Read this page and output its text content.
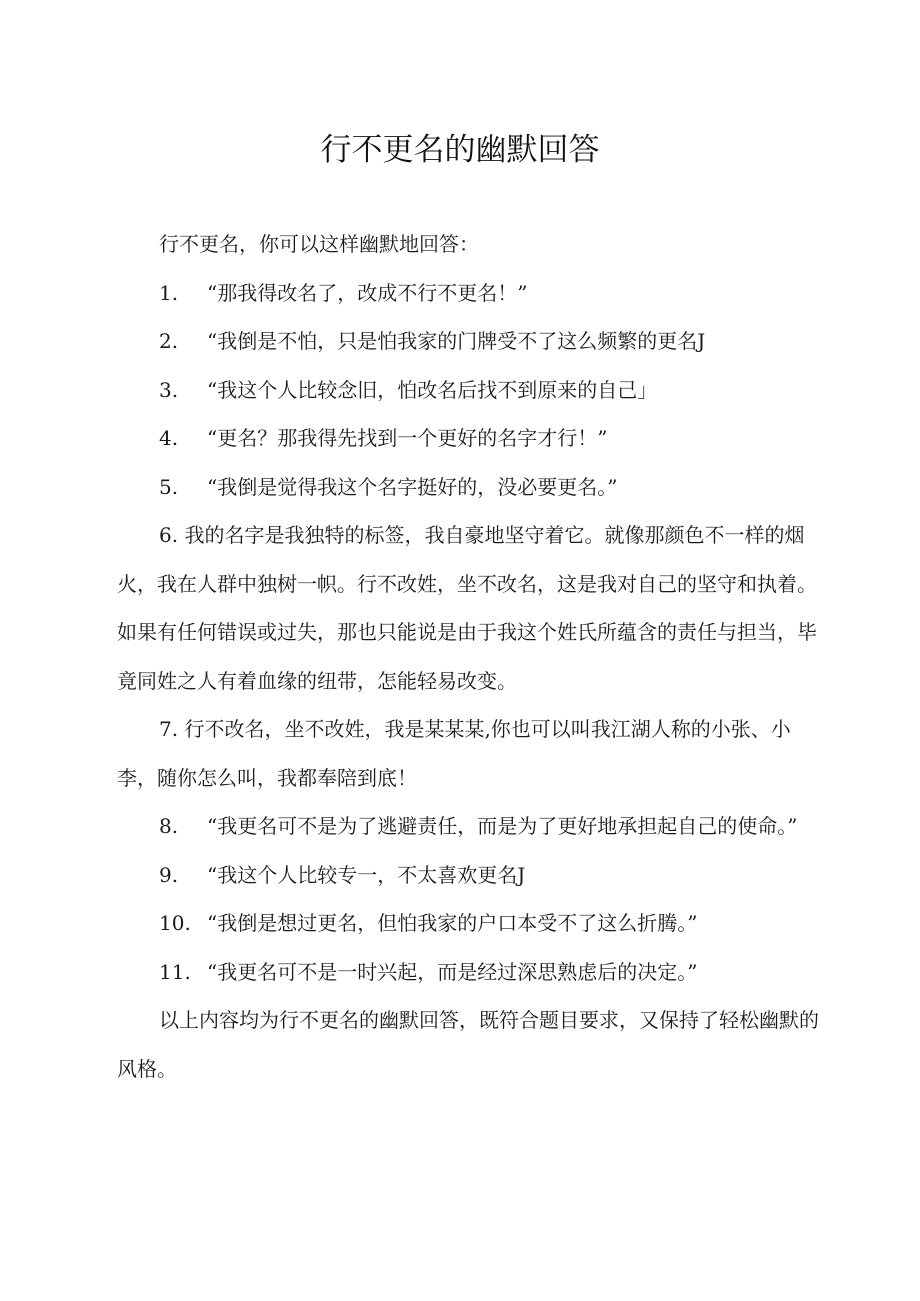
行不更名的幽默回答

行不更名，你可以这样幽默地回答：

1. “那我得改名了，改成不行不更名！”
2. “我倒是不怕，只是怕我家的门牌受不了这么频繁的更名J
3. “我这个人比较念旧，怕改名后找不到原来的自己」
4. “更名？那我得先找到一个更好的名字才行！”
5. “我倒是觉得我这个名字挺好的，没必要更名。”

6. 我的名字是我独特的标签，我自豪地坚守着它。就像那颜色不一样的烟火，我在人群中独树一帜。行不改姓，坐不改名，这是我对自己的坚守和执着。如果有任何错误或过失，那也只能说是由于我这个姓氏所蕴含的责任与担当，毕竟同姓之人有着血缘的纽带，怎能轻易改变。

7. 行不改名，坐不改姓，我是某某某,你也可以叫我江湖人称的小张、小李，随你怎么叫，我都奉陪到底！

8. “我更名可不是为了逃避责任，而是为了更好地承担起自己的使命。”
9. “我这个人比较专一，不太喜欢更名J
10. “我倒是想过更名，但怕我家的户口本受不了这么折腾。”
11. “我更名可不是一时兴起，而是经过深思熟虑后的决定。”

以上内容均为行不更名的幽默回答，既符合题目要求，又保持了轻松幽默的风格。
